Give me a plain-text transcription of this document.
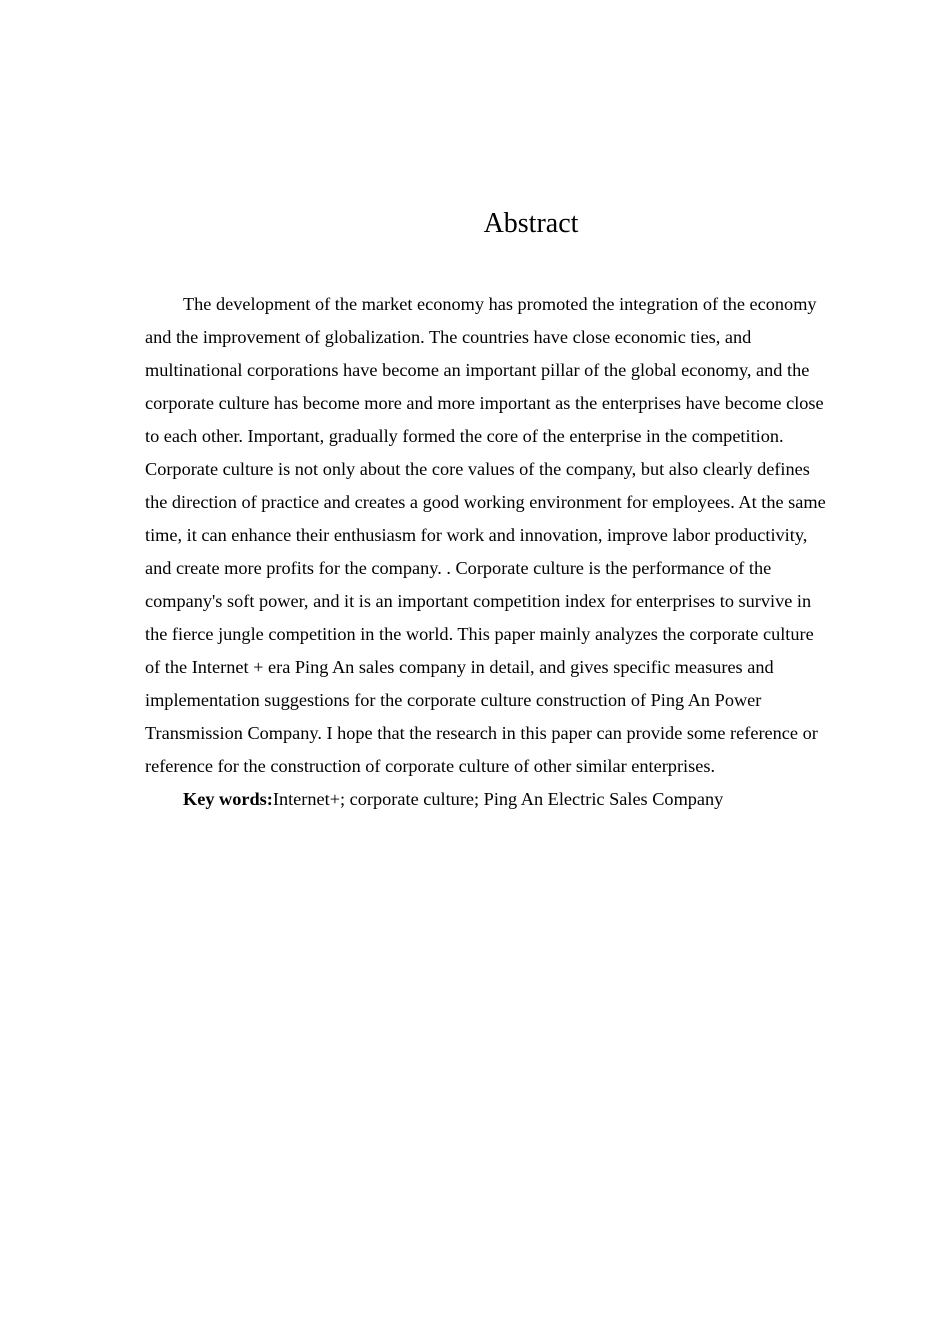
Abstract
The development of the market economy has promoted the integration of the economy
and the improvement of globalization. The countries have close economic ties, and
multinational corporations have become an important pillar of the global economy, and the
corporate culture has become more and more important as the enterprises have become close
to each other. Important, gradually formed the core of the enterprise in the competition.
Corporate culture is not only about the core values of the company, but also clearly defines
the direction of practice and creates a good working environment for employees. At the same
time, it can enhance their enthusiasm for work and innovation, improve labor productivity,
and create more profits for the company. . Corporate culture is the performance of the
company's soft power, and it is an important competition index for enterprises to survive in
the fierce jungle competition in the world. This paper mainly analyzes the corporate culture
of the Internet + era Ping An sales company in detail, and gives specific measures and
implementation suggestions for the corporate culture construction of Ping An Power
Transmission Company. I hope that the research in this paper can provide some reference or
reference for the construction of corporate culture of other similar enterprises.
Key words:Internet+; corporate culture; Ping An Electric Sales Company
